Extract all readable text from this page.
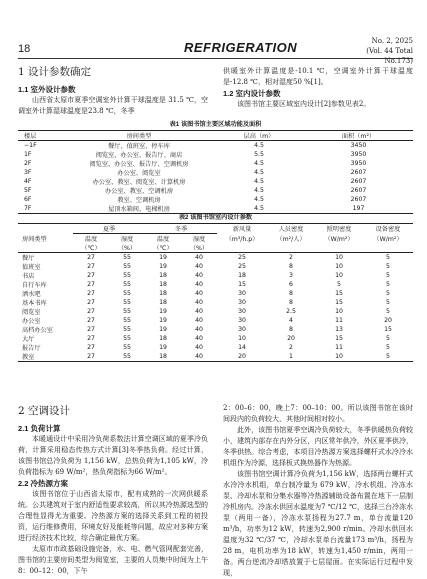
18	REFRIGERATION	No. 2, 2025
(Vol. 44 Total No.173)
1 设计参数确定
1.1 室外设计参数
山西省太原市夏季空调室外计算干球温度是 31.5 ℃，空调室外计算湿球温度是23.8 ℃，冬季
供暖室外计算温度是-10.1 ℃，空调室外计算干球温度是-12.8 ℃，相对湿度50 %[1]。
1.2 室内设计参数
该图书馆主要区域室内设计[2]参数见表2。
表1 该图书馆主要区域功能及面积
楼层	房间类型	层高（m）	面积（m²）
−1F	餐厅、值班室、停车库	4.5	3450
1F	阅览室、办公室、报告厅、商店	5.5	3950
2F	阅览室、办公室、报告厅、空调机房	4.5	3950
3F	办公室、阅览室	4.5	2607
4F	办公室、教室、阅览室、计算机房	4.5	2607
5F	办公室、教室、空调机房	4.5	2607
6F	教室、空调机房	4.5	2607
7F	屋顶水箱间、电梯机房	4.5	197
表2 该图书馆室内设计参数
房间类型	夏季		冬季		新风量	人员密度	照明密度	设备密度
	温度	湿度	温度	湿度	（m³/h.p）	（m²/人）	（W/m²）	（W/m²）
	（℃）	（%）	（℃）	（%）				
餐厅	27	55	19	40	25	2	10	5
值班室	27	55	19	40	25	8	10	5
书店	27	55	18	40	18	3	10	5
自行车库	27	55	18	40	15	6	5	5
洒水吧	27	55	18	40	30	8	15	5
基本书库	27	55	18	40	30	8	15	5
阅览室	27	55	19	40	30	2.5	10	5
办公室	27	55	19	40	30	4	11	20
高档办公室	27	55	19	40	30	8	13	15
大厅	27	55	18	40	10	20	15	5
报告厅	27	55	19	40	14	2	11	5
教室	27	55	18	40	20	1	10	5
2 空调设计
2.1 负荷计算
本暖通设计中采用冷负荷系数法计算空调区域的夏季冷负荷，计算采用稳态传热方式计算[3]冬季热负荷。经过计算，该图书馆总冷负荷为 1,156 kW，总热负荷为1,105 kW，冷负荷指标为 69 W/m²，热负荷指标为66 W/m²。
2.2 冷热源方案
该图书馆位于山西省太原市，配有成熟的一次网供暖系统。公共建筑对于室内舒适性要求较高，所以其冷热源选型的合理性显得尤为重要。冷热源方案的选择关系到工程的初投资，运行维修费用，环境友好及能耗等问题，故应对多种方案进行经济技术比较，综合确定最优方案。
太原市市政基础设施完备，水、电、燃气管网配套完善，图书馆的主要房间类型为阅览室，主要的人员集中时间为上午8：00–12：00，下午
2：00–6：00，晚上7：00–10：00。所以该图书馆在该时间段内的负荷较大，其他时间相对较小。
此外，该图书馆夏季空调冷负荷较大，冬季供暖热负荷较小，建筑内部存在内外分区，内区常年供冷，外区夏季供冷，冬季供热。综合考虑，本项目冷热源方案选择螺杆式水冷冷水机组作为冷源，选择板式换热器作为热源。
该图书馆空调计算冷负荷为1,156 kW，选择两台螺杆式水冷冷水机组，单台制冷量为 679 kW，冷水机组、冷冻水泵、冷却水泵和分集水器等冷热源辅助设备布置在地下一层制冷机房内。冷冻水供回水温度为7 ℃/12 ℃，选择三台冷冻水泵（两用一备），冷冻水泵扬程为27.7 m，单台流量120 m³/h，功率为12 kW，转速为2,900 r/min。冷却水供回水温度为32 ℃/37 ℃，冷却水泵单台流量173 m³/h，扬程为28 m，电机功率为18 kW，转速为1,450 r/min，两用一备。两台逆流冷却塔放置于七层屋面。在实际运行过程中发现，
